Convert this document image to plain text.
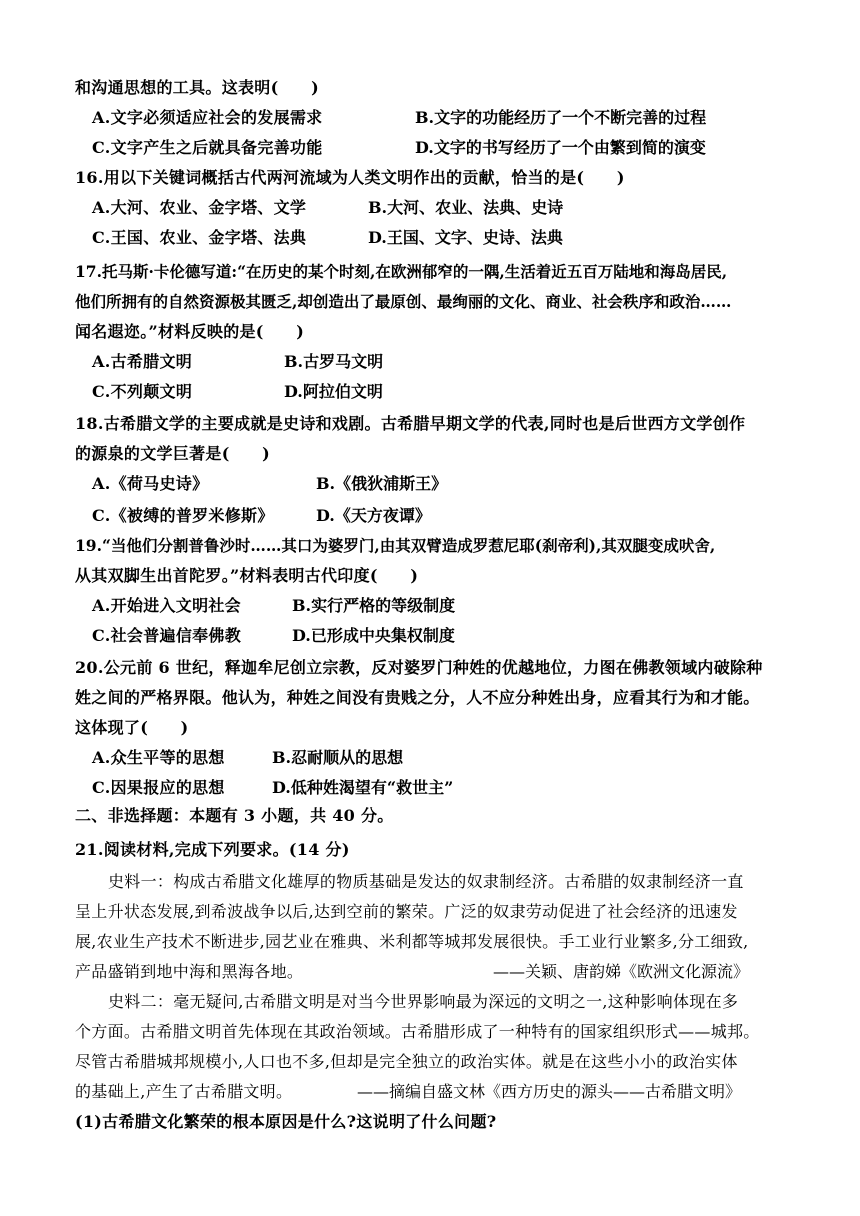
和沟通思想的工具。这表明(　　)
A.文字必须适应社会的发展需求	B.文字的功能经历了一个不断完善的过程
C.文字产生之后就具备完善功能	D.文字的书写经历了一个由繁到简的演变
16.用以下关键词概括古代两河流域为人类文明作出的贡献，恰当的是(　　)
A.大河、农业、金字塔、文学	B.大河、农业、法典、史诗
C.王国、农业、金字塔、法典	D.王国、文字、史诗、法典
17.托马斯·卡伦德写道:“在历史的某个时刻,在欧洲郁窄的一隅,生活着近五百万陆地和海岛居民,
他们所拥有的自然资源极其匮乏,却创造出了最原创、最绚丽的文化、商业、社会秩序和政治……
闻名遐迩。”材料反映的是(　　)
A.古希腊文明	B.古罗马文明
C.不列颠文明	D.阿拉伯文明
18.古希腊文学的主要成就是史诗和戏剧。古希腊早期文学的代表,同时也是后世西方文学创作
的源泉的文学巨著是(　　)
A.《荷马史诗》	B.《俄狄浦斯王》
C.《被缚的普罗米修斯》	D.《天方夜谭》
19.“当他们分割普鲁沙时……其口为婆罗门,由其双臂造成罗惹尼耶(刹帝利),其双腿变成吠舍,
从其双脚生出首陀罗。”材料表明古代印度(　　)
A.开始进入文明社会	B.实行严格的等级制度
C.社会普遍信奉佛教	D.已形成中央集权制度
20.公元前 6 世纪，释迦牟尼创立宗教，反对婆罗门种姓的优越地位，力图在佛教领域内破除种
姓之间的严格界限。他认为，种姓之间没有贵贱之分，人不应分种姓出身，应看其行为和才能。
这体现了(　　)
A.众生平等的思想	B.忍耐顺从的思想
C.因果报应的思想	D.低种姓渴望有“救世主”
二、非选择题：本题有 3 小题，共 40 分。
21.阅读材料,完成下列要求。(14 分)
史料一：构成古希腊文化雄厚的物质基础是发达的奴隶制经济。古希腊的奴隶制经济一直
呈上升状态发展,到希波战争以后,达到空前的繁荣。广泛的奴隶劳动促进了社会经济的迅速发
展,农业生产技术不断进步,园艺业在雅典、米利都等城邦发展很快。手工业行业繁多,分工细致,
产品盛销到地中海和黑海各地。	——关颖、唐韵娣《欧洲文化源流》
史料二：毫无疑问,古希腊文明是对当今世界影响最为深远的文明之一,这种影响体现在多
个方面。古希腊文明首先体现在其政治领域。古希腊形成了一种特有的国家组织形式——城邦。
尽管古希腊城邦规模小,人口也不多,但却是完全独立的政治实体。就是在这些小小的政治实体
的基础上,产生了古希腊文明。	——摘编自盛文林《西方历史的源头——古希腊文明》
(1)古希腊文化繁荣的根本原因是什么?这说明了什么问题?
